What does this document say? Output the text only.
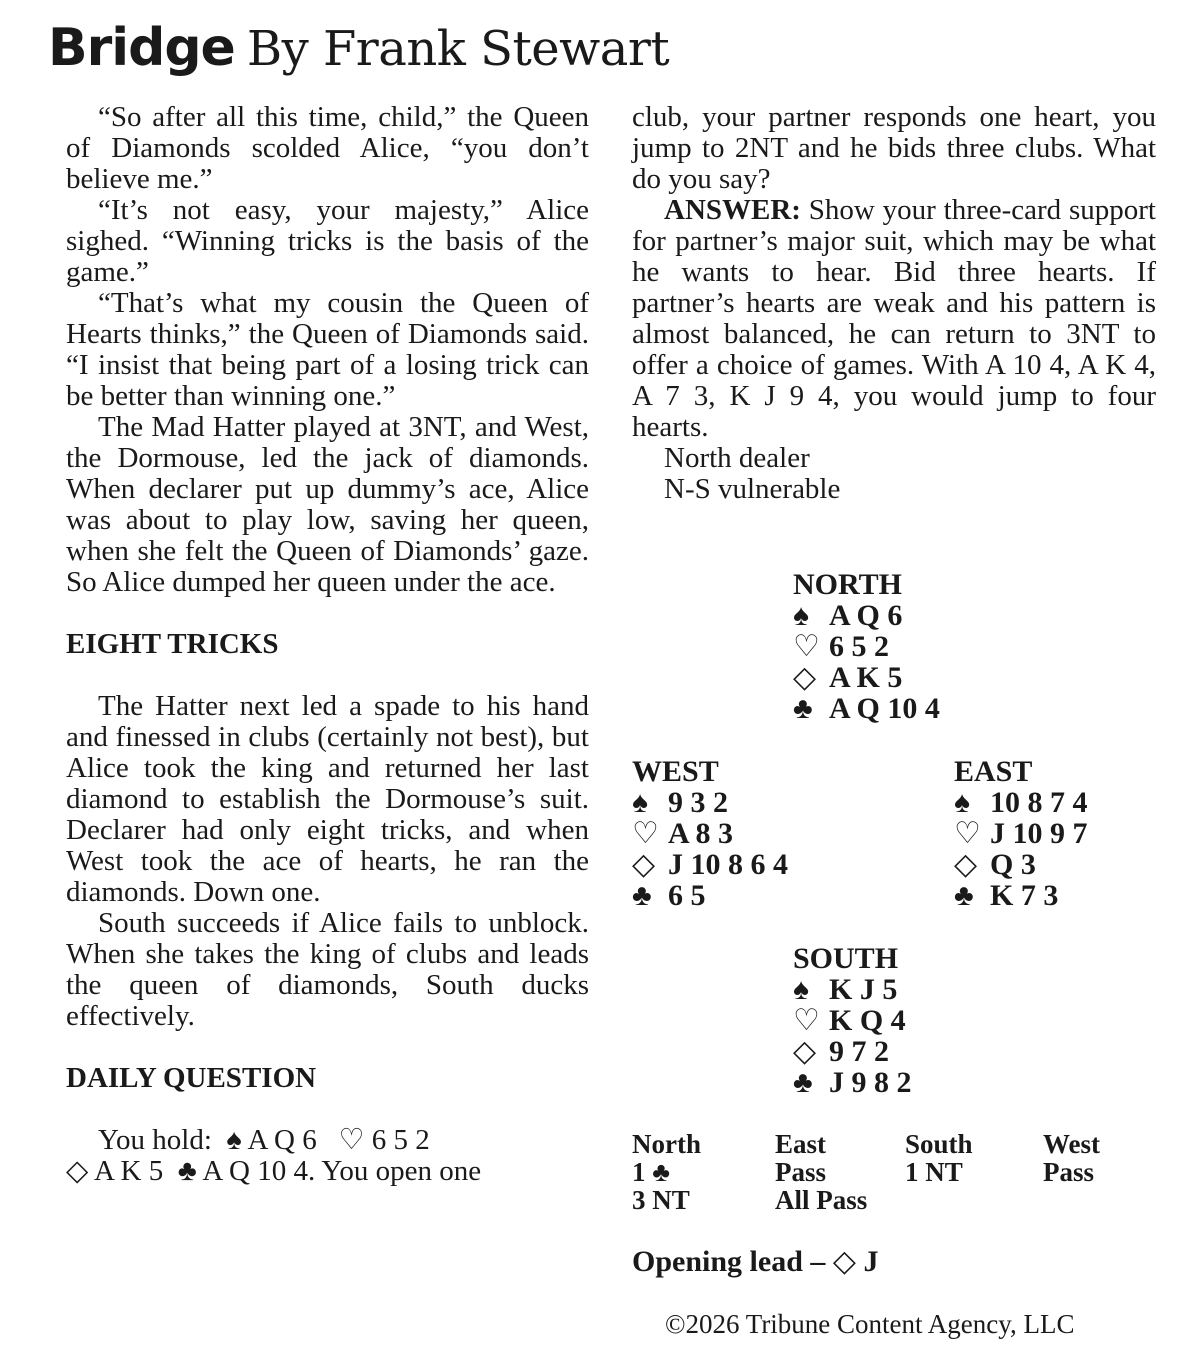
Bridge By Frank Stewart

“So after all this time, child,” the Queen of Diamonds scolded Alice, “you don’t believe me.”

“It’s not easy, your majesty,” Alice sighed. “Winning tricks is the basis of the game.”

“That’s what my cousin the Queen of Hearts thinks,” the Queen of Diamonds said. “I insist that being part of a losing trick can be better than winning one.”

The Mad Hatter played at 3NT, and West, the Dormouse, led the jack of diamonds. When declarer put up dummy’s ace, Alice was about to play low, saving her queen, when she felt the Queen of Diamonds’ gaze. So Alice dumped her queen under the ace.

EIGHT TRICKS

The Hatter next led a spade to his hand and finessed in clubs (certainly not best), but Alice took the king and returned her last diamond to establish the Dormouse’s suit. Declarer had only eight tricks, and when West took the ace of hearts, he ran the diamonds. Down one.

South succeeds if Alice fails to unblock. When she takes the king of clubs and leads the queen of diamonds, South ducks effectively.

DAILY QUESTION

You hold:  ♠ A Q 6   ♡ 6 5 2

◇ A K 5  ♣ A Q 10 4. You open one

club, your partner responds one heart, you jump to 2NT and he bids three clubs. What do you say?

ANSWER: Show your three-card support for partner’s major suit, which may be what he wants to hear. Bid three hearts. If partner’s hearts are weak and his pattern is almost balanced, he can return to 3NT to offer a choice of games. With A 10 4, A K 4, A 7 3, K J 9 4, you would jump to four hearts.

North dealer

N-S vulnerable

NORTH
♠ A Q 6
♡ 6 5 2
◇ A K 5
♣ A Q 10 4
WEST
♠ 9 3 2
♡ A 8 3
◇ J 10 8 6 4
♣ 6 5
EAST
♠ 10 8 7 4
♡ J 10 9 7
◇ Q 3
♣ K 7 3
SOUTH
♠ K J 5
♡ K Q 4
◇ 9 7 2
♣ J 9 8 2
North
1 ♣
3 NT
East
Pass
All Pass
South
1 NT
West
Pass
Opening lead – ◇ J
©2026 Tribune Content Agency, LLC
